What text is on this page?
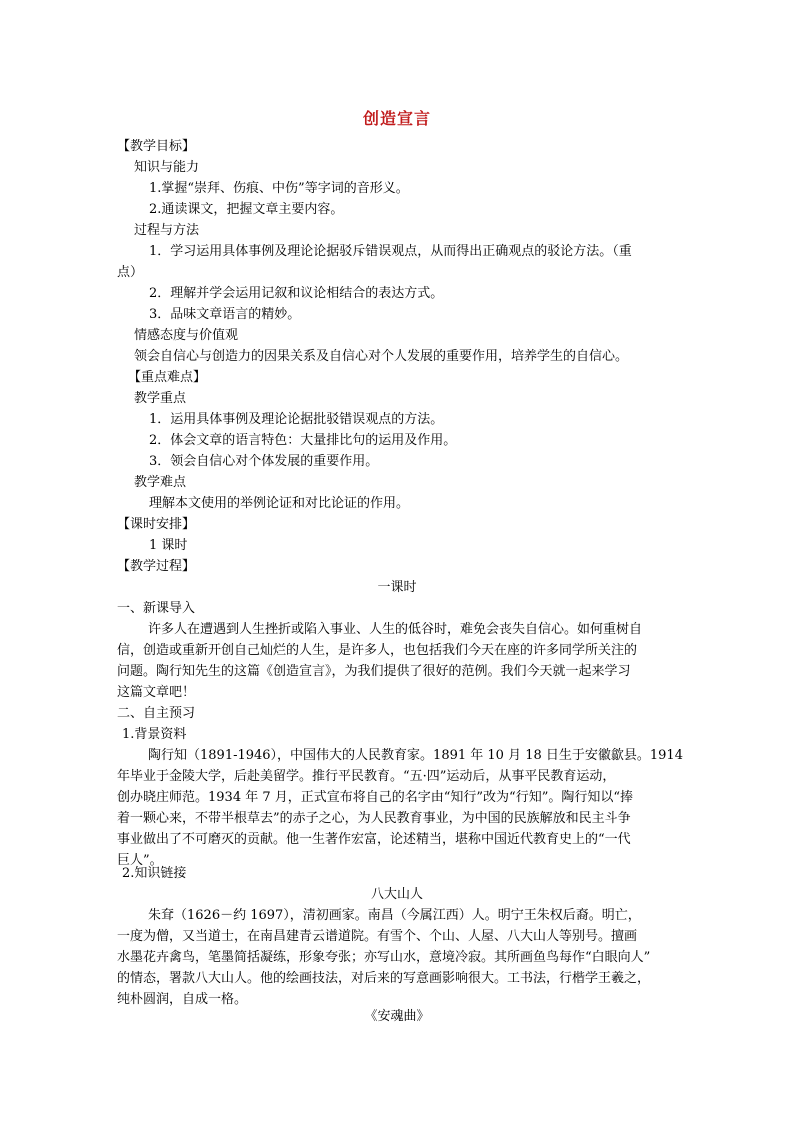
创造宣言
【教学目标】
知识与能力
1.掌握“崇拜、伤痕、中伤”等字词的音形义。
2.通读课文，把握文章主要内容。
过程与方法
1．学习运用具体事例及理论论据驳斥错误观点，从而得出正确观点的驳论方法。（重
点）
2．理解并学会运用记叙和议论相结合的表达方式。
3．品味文章语言的精妙。
情感态度与价值观
领会自信心与创造力的因果关系及自信心对个人发展的重要作用，培养学生的自信心。
【重点难点】
教学重点
1．运用具体事例及理论论据批驳错误观点的方法。
2．体会文章的语言特色：大量排比句的运用及作用。
3．领会自信心对个体发展的重要作用。
教学难点
理解本文使用的举例论证和对比论证的作用。
【课时安排】
1 课时
【教学过程】
一课时
一、新课导入
许多人在遭遇到人生挫折或陷入事业、人生的低谷时，难免会丧失自信心。如何重树自
信，创造或重新开创自己灿烂的人生，是许多人，也包括我们今天在座的许多同学所关注的
问题。陶行知先生的这篇《创造宣言》，为我们提供了很好的范例。我们今天就一起来学习
这篇文章吧！
二、自主预习
1.背景资料
陶行知（1891-1946），中国伟大的人民教育家。1891 年 10 月 18 日生于安徽歙县。1914
年毕业于金陵大学，后赴美留学。推行平民教育。“五·四”运动后，从事平民教育运动，
创办晓庄师范。1934 年 7 月，正式宣布将自己的名字由“知行”改为“行知”。陶行知以“捧
着一颗心来，不带半根草去”的赤子之心，为人民教育事业，为中国的民族解放和民主斗争
事业做出了不可磨灭的贡献。他一生著作宏富，论述精当，堪称中国近代教育史上的“一代
巨人”。
2.知识链接
八大山人
朱耷（1626－约 1697），清初画家。南昌（今属江西）人。明宁王朱权后裔。明亡，
一度为僧，又当道士，在南昌建青云谱道院。有雪个、个山、人屋、八大山人等别号。擅画
水墨花卉禽鸟，笔墨简括凝练，形象夸张；亦写山水，意境冷寂。其所画鱼鸟每作“白眼向人”
的情态，署款八大山人。他的绘画技法，对后来的写意画影响很大。工书法，行楷学王羲之，
纯朴圆润，自成一格。
《安魂曲》
